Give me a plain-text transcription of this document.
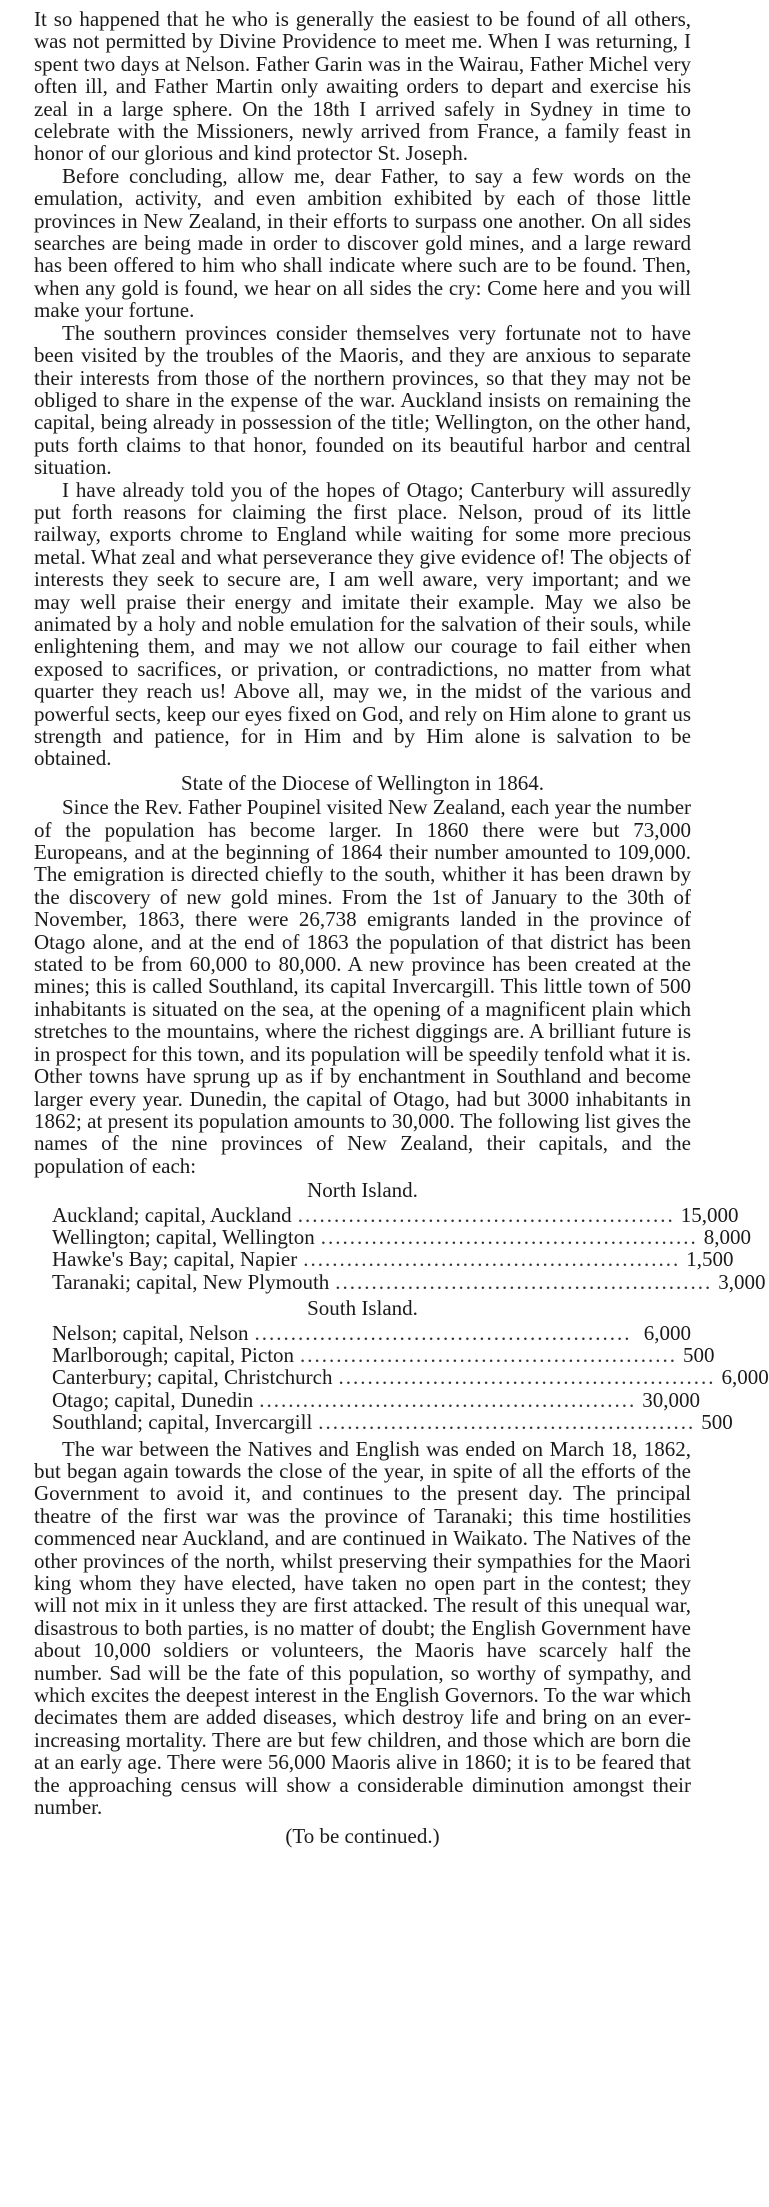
It so happened that he who is generally the easiest to be found of all others, was not permitted by Divine Providence to meet me. When I was returning, I spent two days at Nelson. Father Garin was in the Wairau, Father Michel very often ill, and Father Martin only awaiting orders to depart and exercise his zeal in a large sphere. On the 18th I arrived safely in Sydney in time to celebrate with the Missioners, newly arrived from France, a family feast in honor of our glorious and kind protector St. Joseph.

Before concluding, allow me, dear Father, to say a few words on the emulation, activity, and even ambition exhibited by each of those little provinces in New Zealand, in their efforts to surpass one another. On all sides searches are being made in order to discover gold mines, and a large reward has been offered to him who shall indicate where such are to be found. Then, when any gold is found, we hear on all sides the cry: Come here and you will make your fortune.

The southern provinces consider themselves very fortunate not to have been visited by the troubles of the Maoris, and they are anxious to separate their interests from those of the northern provinces, so that they may not be obliged to share in the expense of the war. Auckland insists on remaining the capital, being already in possession of the title; Wellington, on the other hand, puts forth claims to that honor, founded on its beautiful harbor and central situation.

I have already told you of the hopes of Otago; Canterbury will assuredly put forth reasons for claiming the first place. Nelson, proud of its little railway, exports chrome to England while waiting for some more precious metal. What zeal and what perseverance they give evidence of! The objects of interests they seek to secure are, I am well aware, very important; and we may well praise their energy and imitate their example. May we also be animated by a holy and noble emulation for the salvation of their souls, while enlightening them, and may we not allow our courage to fail either when exposed to sacrifices, or privation, or contradictions, no matter from what quarter they reach us! Above all, may we, in the midst of the various and powerful sects, keep our eyes fixed on God, and rely on Him alone to grant us strength and patience, for in Him and by Him alone is salvation to be obtained.

State of the Diocese of Wellington in 1864.

Since the Rev. Father Poupinel visited New Zealand, each year the number of the population has become larger. In 1860 there were but 73,000 Europeans, and at the beginning of 1864 their number amounted to 109,000. The emigration is directed chiefly to the south, whither it has been drawn by the discovery of new gold mines. From the 1st of January to the 30th of November, 1863, there were 26,738 emigrants landed in the province of Otago alone, and at the end of 1863 the population of that district has been stated to be from 60,000 to 80,000. A new province has been created at the mines; this is called Southland, its capital Invercargill. This little town of 500 inhabitants is situated on the sea, at the opening of a magnificent plain which stretches to the mountains, where the richest diggings are. A brilliant future is in prospect for this town, and its population will be speedily tenfold what it is. Other towns have sprung up as if by enchantment in Southland and become larger every year. Dunedin, the capital of Otago, had but 3000 inhabitants in 1862; at present its population amounts to 30,000. The following list gives the names of the nine provinces of New Zealand, their capitals, and the population of each:

North Island.

Auckland; capital, Auckland .................................................... 15,000
Wellington; capital, Wellington .................................................... 8,000
Hawke's Bay; capital, Napier .................................................... 1,500
Taranaki; capital, New Plymouth .................................................... 3,000

South Island.

Nelson; capital, Nelson .................................................... 6,000
Marlborough; capital, Picton .................................................... 500
Canterbury; capital, Christchurch .................................................... 6,000
Otago; capital, Dunedin .................................................... 30,000
Southland; capital, Invercargill .................................................... 500

The war between the Natives and English was ended on March 18, 1862, but began again towards the close of the year, in spite of all the efforts of the Government to avoid it, and continues to the present day. The principal theatre of the first war was the province of Taranaki; this time hostilities commenced near Auckland, and are continued in Waikato. The Natives of the other provinces of the north, whilst preserving their sympathies for the Maori king whom they have elected, have taken no open part in the contest; they will not mix in it unless they are first attacked. The result of this unequal war, disastrous to both parties, is no matter of doubt; the English Government have about 10,000 soldiers or volunteers, the Maoris have scarcely half the number. Sad will be the fate of this population, so worthy of sympathy, and which excites the deepest interest in the English Governors. To the war which decimates them are added diseases, which destroy life and bring on an ever-increasing mortality. There are but few children, and those which are born die at an early age. There were 56,000 Maoris alive in 1860; it is to be feared that the approaching census will show a considerable diminution amongst their number.

(To be continued.)
